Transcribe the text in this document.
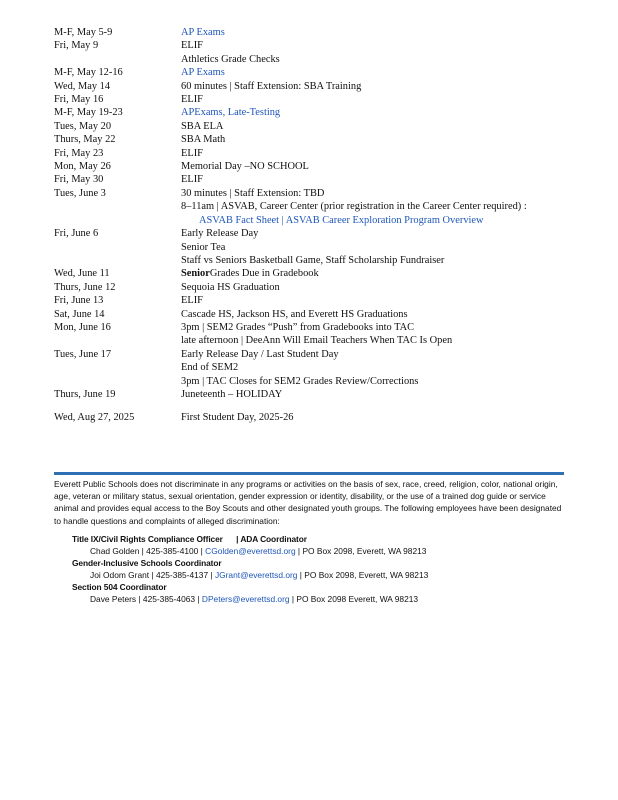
M-F, May 5-9	AP Exams
Fri, May 9	ELIF
Athletics Grade Checks
M-F, May 12-16	AP Exams
Wed, May 14	60 minutes | Staff Extension: SBA Training
Fri, May 16	ELIF
M-F, May 19-23	APExams, Late-Testing
Tues, May 20	SBA ELA
Thurs, May 22	SBA Math
Fri, May 23	ELIF
Mon, May 26	Memorial Day –NO SCHOOL
Fri, May 30	ELIF
Tues, June 3	30 minutes | Staff Extension: TBD
8–11am | ASVAB, Career Center (prior registration in the Career Center required) :
ASVAB Fact Sheet | ASVAB Career Exploration Program Overview
Fri, June 6	Early Release Day
Senior Tea
Staff vs Seniors Basketball Game, Staff Scholarship Fundraiser
Wed, June 11	SeniorGrades Due in Gradebook
Thurs, June 12	Sequoia HS Graduation
Fri, June 13	ELIF
Sat, June 14	Cascade HS, Jackson HS, and Everett HS Graduations
Mon, June 16	3pm | SEM2 Grades “Push” from Gradebooks into TAC
late afternoon | DeeAnn Will Email Teachers When TAC Is Open
Tues, June 17	Early Release Day / Last Student Day
End of SEM2
3pm | TAC Closes for SEM2 Grades Review/Corrections
Thurs, June 19	Juneteenth – HOLIDAY
Wed, Aug 27, 2025	First Student Day, 2025-26

Everett Public Schools does not discriminate in any programs or activities on the basis of sex, race, creed, religion, color, national origin, age, veteran or military status, sexual orientation, gender expression or identity, disability, or the use of a trained dog guide or service animal and provides equal access to the Boy Scouts and other designated youth groups. The following employees have been designated to handle questions and complaints of alleged discrimination:

Title IX/Civil Rights Compliance Officer      | ADA Coordinator
Chad Golden | 425-385-4100 | CGolden@everettsd.org | PO Box 2098, Everett, WA 98213
Gender-Inclusive Schools Coordinator
Joi Odom Grant | 425-385-4137 | JGrant@everettsd.org | PO Box 2098, Everett, WA 98213
Section 504 Coordinator
Dave Peters | 425-385-4063 | DPeters@everettsd.org | PO Box 2098 Everett, WA 98213
